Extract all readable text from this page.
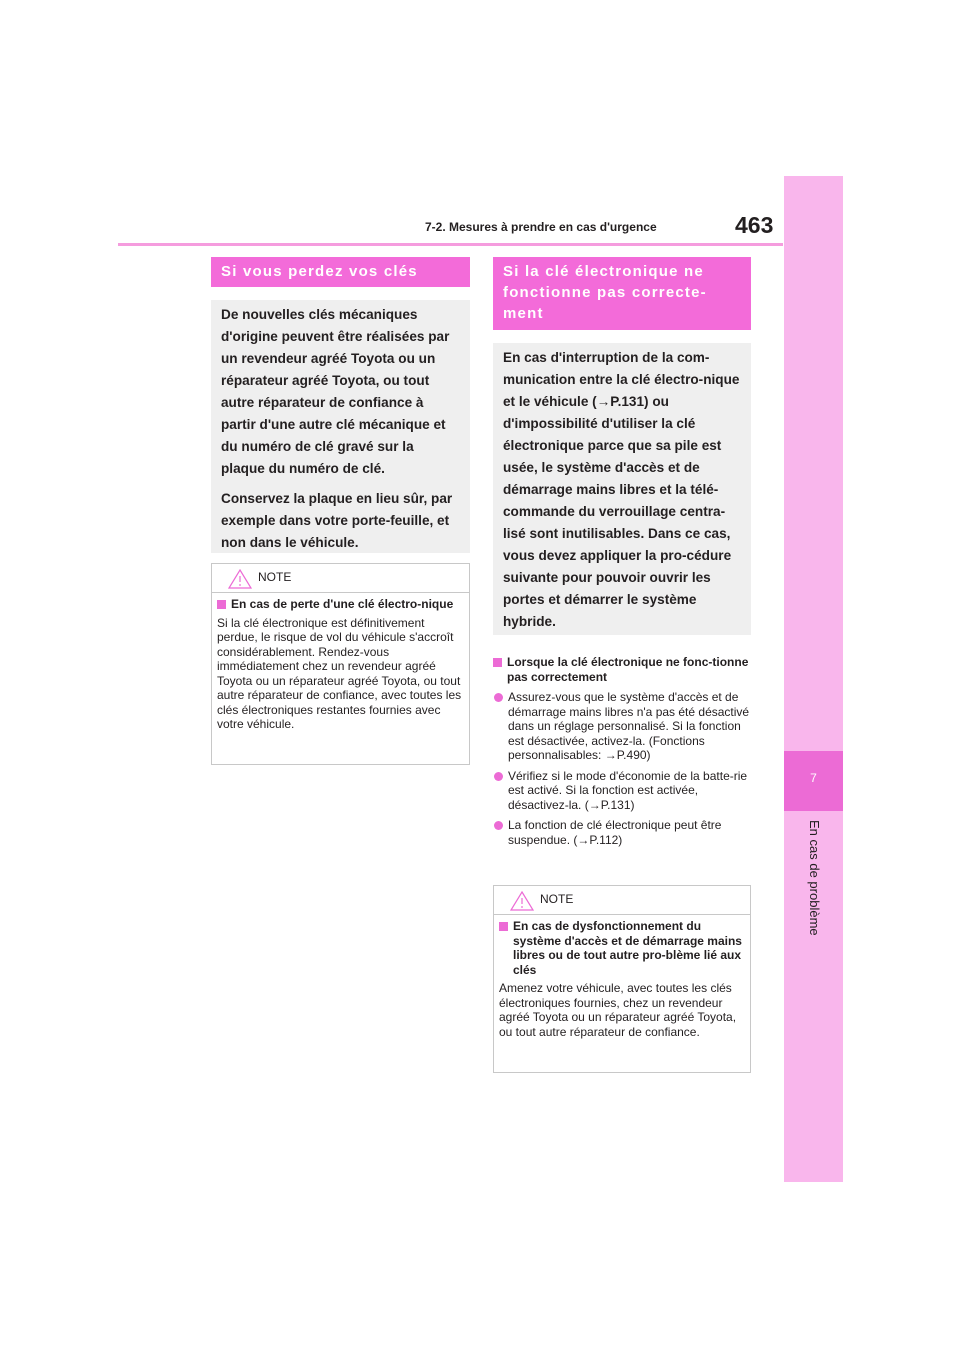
7-2. Mesures à prendre en cas d'urgence	463
7
En cas de problème
Si vous perdez vos clés

De nouvelles clés mécaniques d'origine peuvent être réalisées par un revendeur agréé Toyota ou un réparateur agréé Toyota, ou tout autre réparateur de confiance à partir d'une autre clé mécanique et du numéro de clé gravé sur la plaque du numéro de clé.

Conservez la plaque en lieu sûr, par exemple dans votre porte-feuille, et non dans le véhicule.

NOTE
En cas de perte d'une clé électro-nique

Si la clé électronique est définitivement perdue, le risque de vol du véhicule s'accroît considérablement. Rendez-vous immédiatement chez un revendeur agréé Toyota ou un réparateur agréé Toyota, ou tout autre réparateur de confiance, avec toutes les clés électroniques restantes fournies avec votre véhicule.

Si la clé électronique ne fonctionne pas correcte-ment

En cas d'interruption de la com-munication entre la clé électro-nique et le véhicule (→P.131) ou d'impossibilité d'utiliser la clé électronique parce que sa pile est usée, le système d'accès et de démarrage mains libres et la télé-commande du verrouillage centra-lisé sont inutilisables. Dans ce cas, vous devez appliquer la pro-cédure suivante pour pouvoir ouvrir les portes et démarrer le système hybride.

Lorsque la clé électronique ne fonc-tionne pas correctement
Assurez-vous que le système d'accès et de démarrage mains libres n'a pas été désactivé dans un réglage personnalisé. Si la fonction est désactivée, activez-la. (Fonctions personnalisables: →P.490)
Vérifiez si le mode d'économie de la batte-rie est activé. Si la fonction est activée, désactivez-la. (→P.131)
La fonction de clé électronique peut être suspendue. (→P.112)
NOTE
En cas de dysfonctionnement du système d'accès et de démarrage mains libres ou de tout autre pro-blème lié aux clés

Amenez votre véhicule, avec toutes les clés électroniques fournies, chez un revendeur agréé Toyota ou un réparateur agréé Toyota, ou tout autre réparateur de confiance.
